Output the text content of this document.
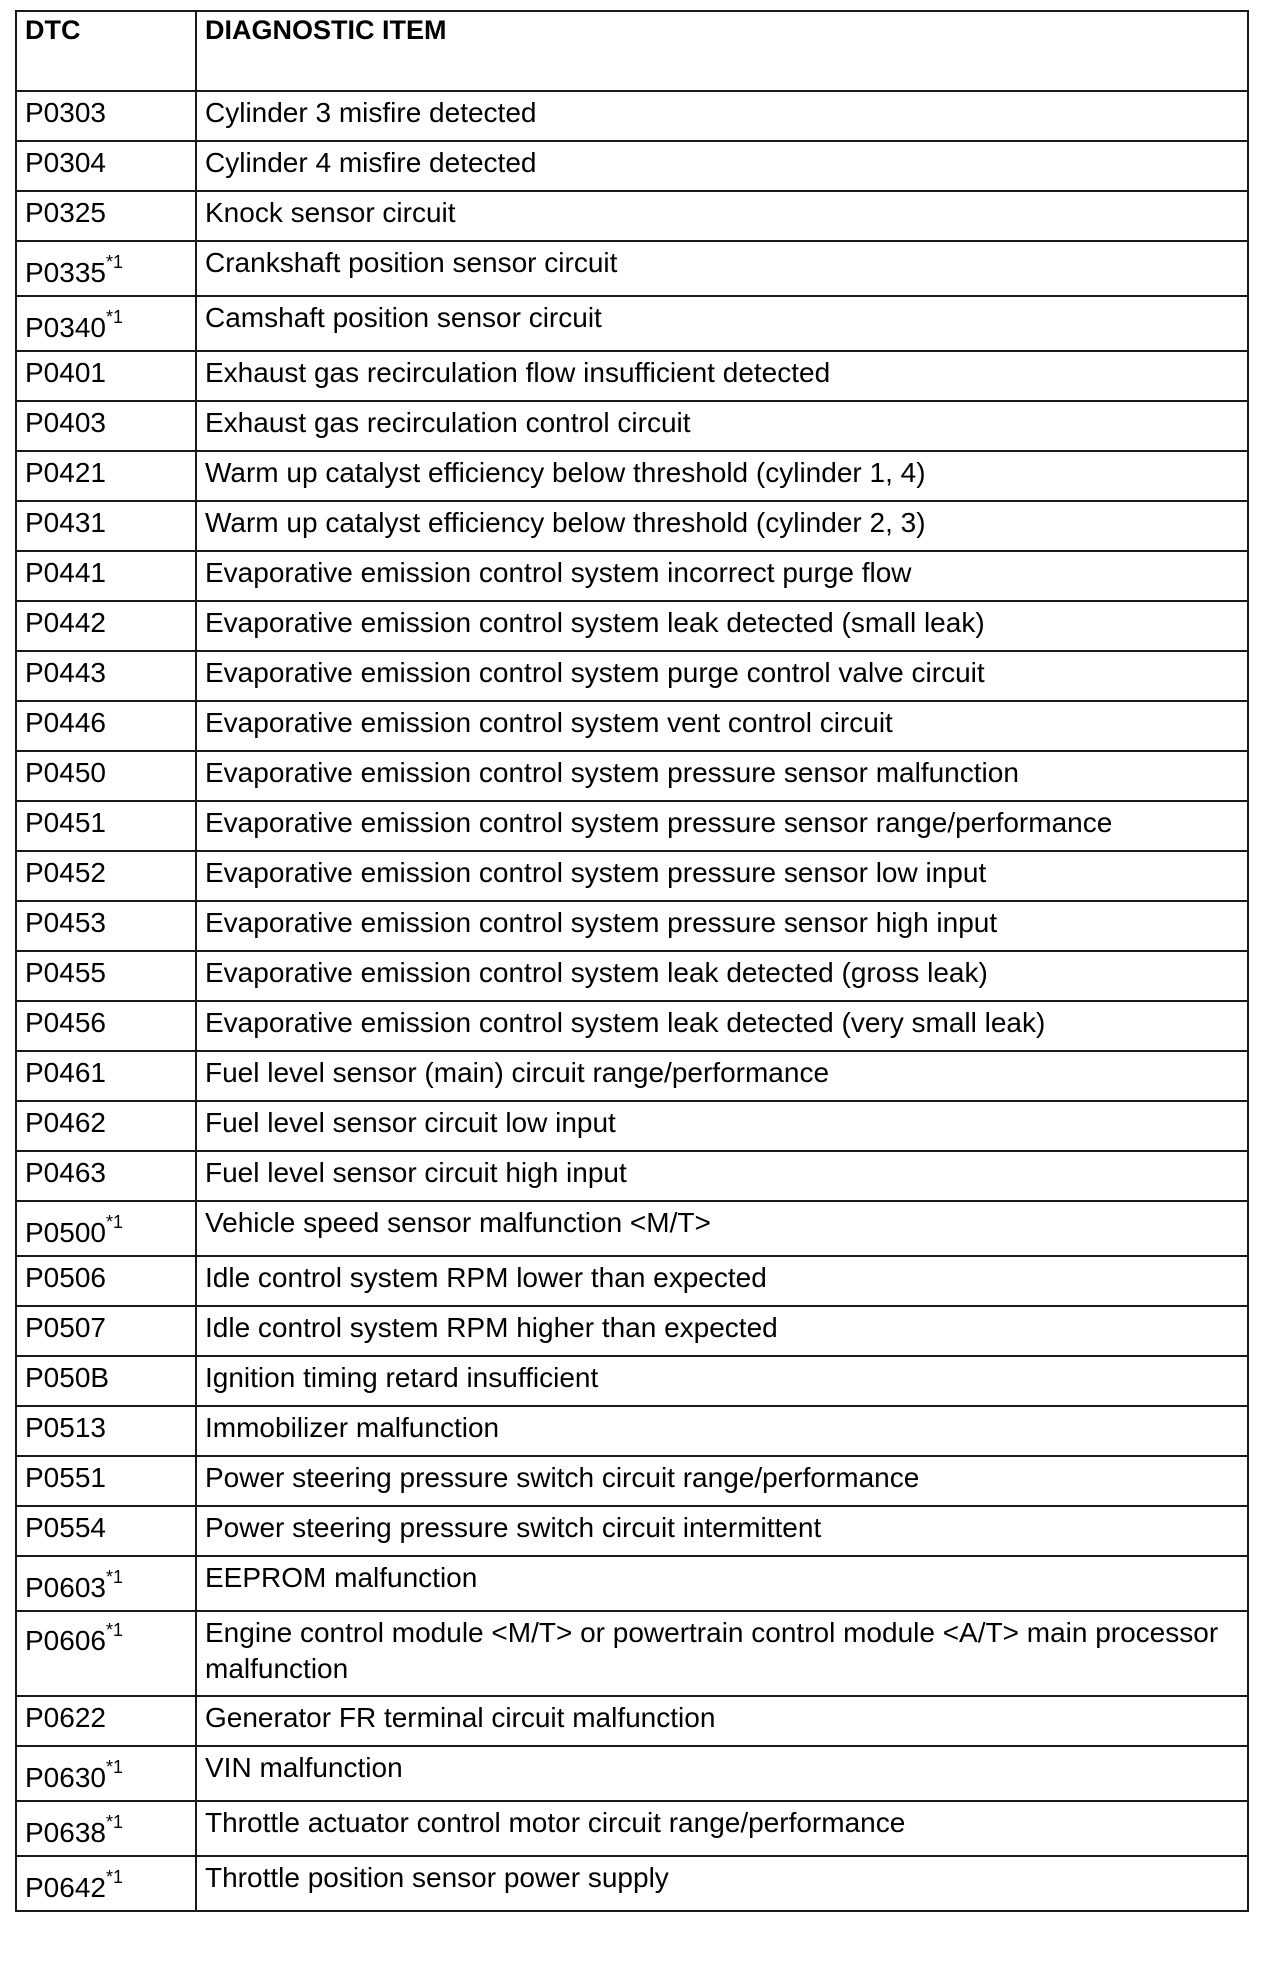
DTC	DIAGNOSTIC ITEM
P0303	Cylinder 3 misfire detected
P0304	Cylinder 4 misfire detected
P0325	Knock sensor circuit
P0335$^{*1}$	Crankshaft position sensor circuit
P0340$^{*1}$	Camshaft position sensor circuit
P0401	Exhaust gas recirculation flow insufficient detected
P0403	Exhaust gas recirculation control circuit
P0421	Warm up catalyst efficiency below threshold (cylinder 1, 4)
P0431	Warm up catalyst efficiency below threshold (cylinder 2, 3)
P0441	Evaporative emission control system incorrect purge flow
P0442	Evaporative emission control system leak detected (small leak)
P0443	Evaporative emission control system purge control valve circuit
P0446	Evaporative emission control system vent control circuit
P0450	Evaporative emission control system pressure sensor malfunction
P0451	Evaporative emission control system pressure sensor range/performance
P0452	Evaporative emission control system pressure sensor low input
P0453	Evaporative emission control system pressure sensor high input
P0455	Evaporative emission control system leak detected (gross leak)
P0456	Evaporative emission control system leak detected (very small leak)
P0461	Fuel level sensor (main) circuit range/performance
P0462	Fuel level sensor circuit low input
P0463	Fuel level sensor circuit high input
P0500$^{*1}$	Vehicle speed sensor malfunction <M/T>
P0506	Idle control system RPM lower than expected
P0507	Idle control system RPM higher than expected
P050B	Ignition timing retard insufficient
P0513	Immobilizer malfunction
P0551	Power steering pressure switch circuit range/performance
P0554	Power steering pressure switch circuit intermittent
P0603$^{*1}$	EEPROM malfunction
P0606$^{*1}$	Engine control module <M/T> or powertrain control module <A/T> main processor malfunction
P0622	Generator FR terminal circuit malfunction
P0630$^{*1}$	VIN malfunction
P0638$^{*1}$	Throttle actuator control motor circuit range/performance
P0642$^{*1}$	Throttle position sensor power supply
